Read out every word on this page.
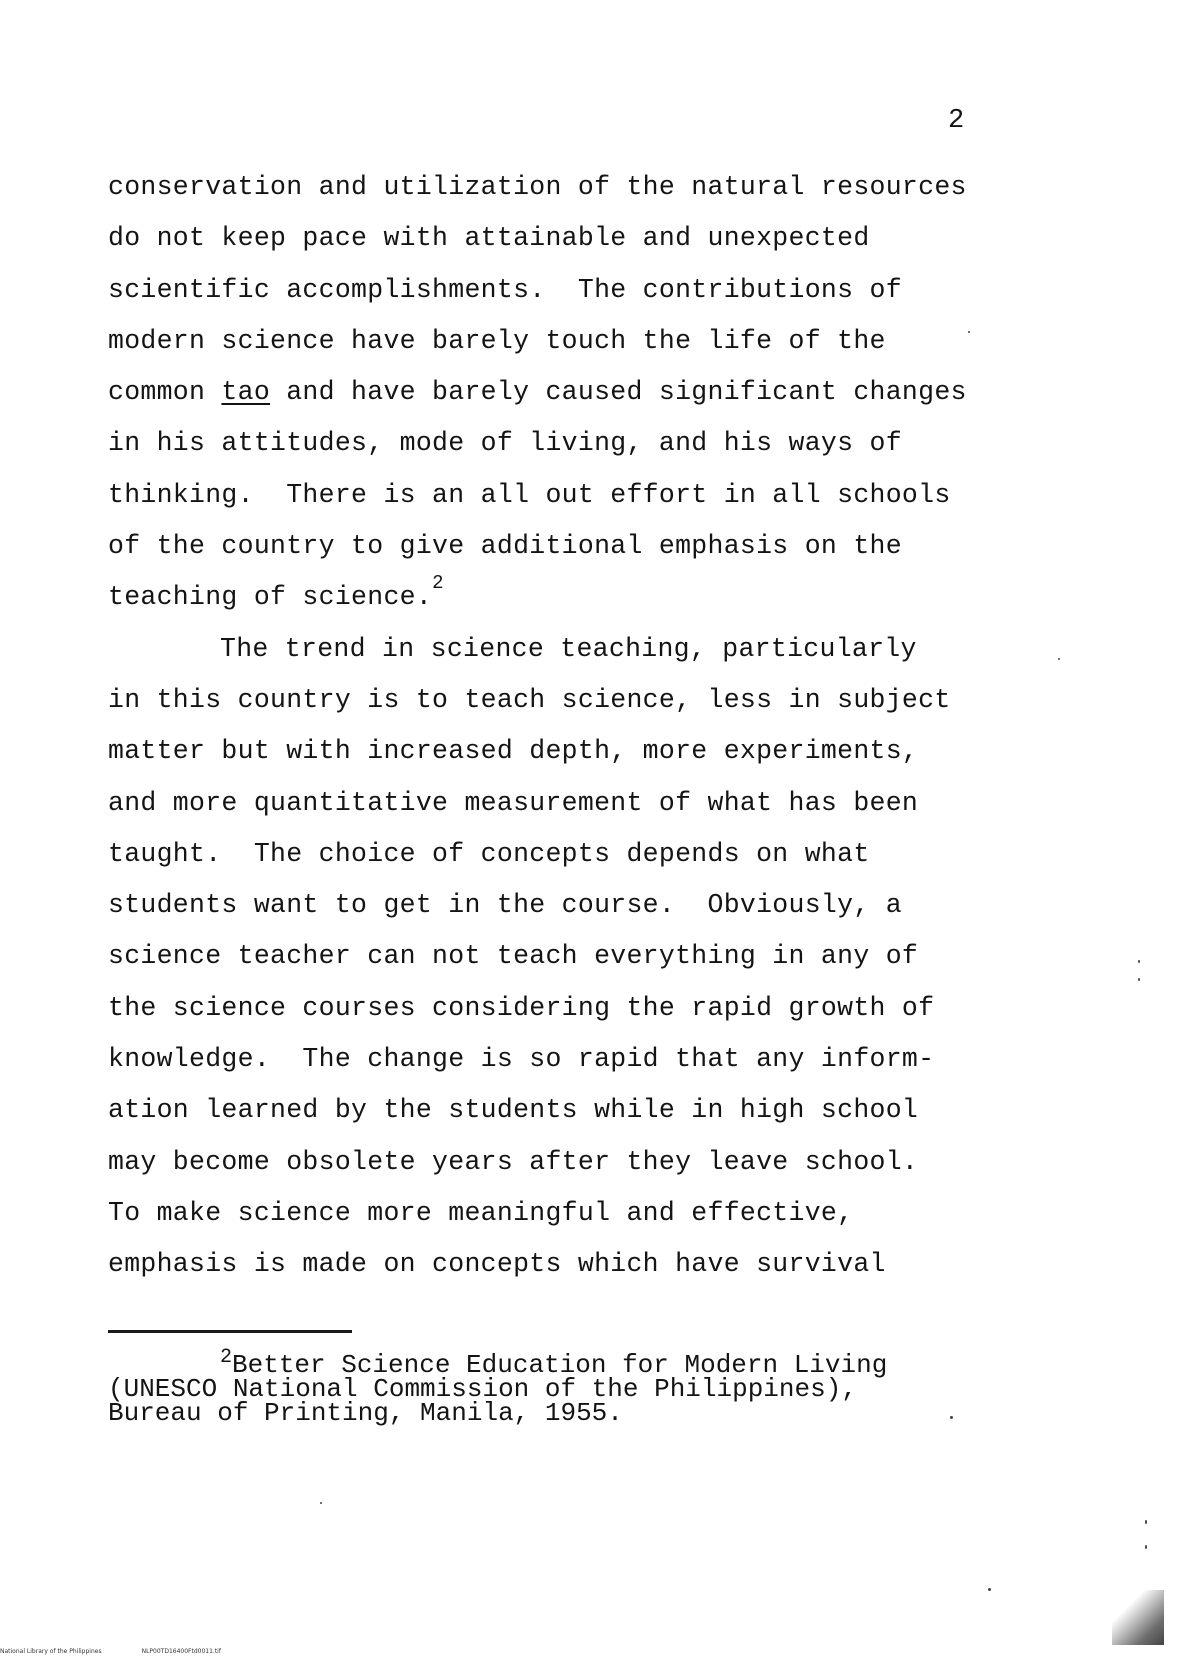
2
conservation and utilization of the natural resources
do not keep pace with attainable and unexpected
scientific accomplishments.  The contributions of
modern science have barely touch the life of the
common tao and have barely caused significant changes
in his attitudes, mode of living, and his ways of
thinking.  There is an all out effort in all schools
of the country to give additional emphasis on the
teaching of science.$^2$
The trend in science teaching, particularly
in this country is to teach science, less in subject
matter but with increased depth, more experiments,
and more quantitative measurement of what has been
taught.  The choice of concepts depends on what
students want to get in the course.  Obviously, a
science teacher can not teach everything in any of
the science courses considering the rapid growth of
knowledge.  The change is so rapid that any inform-
ation learned by the students while in high school
may become obsolete years after they leave school.
To make science more meaningful and effective,
emphasis is made on concepts which have survival
$^2$Better Science Education for Modern Living
(UNESCO National Commission of the Philippines),
Bureau of Printing, Manila, 1955.
National Library of the Philippines	NLP00TD16400Ftd0011.tif
